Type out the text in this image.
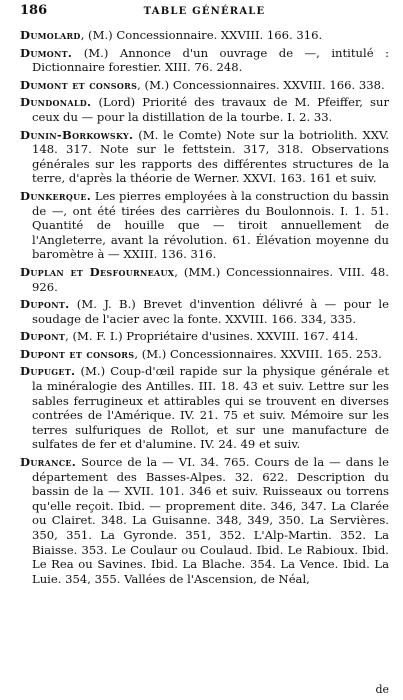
186	TABLE GÉNÉRALE

Dumolard, (M.) Concessionnaire. XXVIII. 166. 316.

Dumont. (M.) Annonce d'un ouvrage de —, intitulé : Dictionnaire forestier. XIII. 76. 248.

Dumont et consors, (M.) Concessionnaires. XXVIII. 166. 338.

Dundonald. (Lord) Priorité des travaux de M. Pfeiffer, sur ceux du — pour la distillation de la tourbe. I. 2. 33.

Dunin-Borkowsky. (M. le Comte) Note sur la botriolith. XXV. 148. 317. Note sur le fettstein. 317, 318. Observations générales sur les rapports des différentes structures de la terre, d'après la théorie de Werner. XXVI. 163. 161 et suiv.

Dunkerque. Les pierres employées à la construction du bassin de —, ont été tirées des carrières du Boulonnois. I. 1. 51. Quantité de houille que — tiroit annuellement de l'Angleterre, avant la révolution. 61. Élévation moyenne du baromètre à — XXIII. 136. 316.

Duplan et Desfourneaux, (MM.) Concessionnaires. VIII. 48. 926.

Dupont. (M. J. B.) Brevet d'invention délivré à — pour le soudage de l'acier avec la fonte. XXVIII. 166. 334, 335.

Dupont, (M. F. I.) Propriétaire d'usines. XXVIII. 167. 414.

Dupont et consors, (M.) Concessionnaires. XXVIII. 165. 253.

Dupuget. (M.) Coup-d'œil rapide sur la physique générale et la minéralogie des Antilles. III. 18. 43 et suiv. Lettre sur les sables ferrugineux et attirables qui se trouvent en diverses contrées de l'Amérique. IV. 21. 75 et suiv. Mémoire sur les terres sulfuriques de Rollot, et sur une manufacture de sulfates de fer et d'alumine. IV. 24. 49 et suiv.

Durance. Source de la — VI. 34. 765. Cours de la — dans le département des Basses-Alpes. 32. 622. Description du bassin de la — XVII. 101. 346 et suiv. Ruisseaux ou torrens qu'elle reçoit. Ibid. — proprement dite. 346, 347. La Clarée ou Clairet. 348. La Guisanne. 348, 349, 350. La Servières. 350, 351. La Gyronde. 351, 352. L'Alp-Martin. 352. La Biaisse. 353. Le Coulaur ou Coulaud. Ibid. Le Rabioux. Ibid. Le Rea ou Savines. Ibid. La Blache. 354. La Vence. Ibid. La Luie. 354, 355. Vallées de l'Ascension, de Néal,

de
